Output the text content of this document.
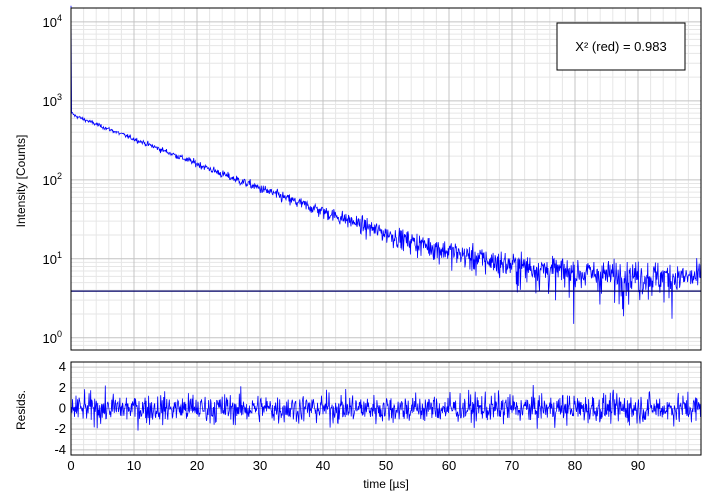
$10^0$
$10^1$
$10^2$
$10^3$
$10^4$
-4
-2
0
2
4
0	10	20	30	40	50	60	70	80	90
X² (red) = 0.983
Intensity [Counts]
Resids.
time [µs]
